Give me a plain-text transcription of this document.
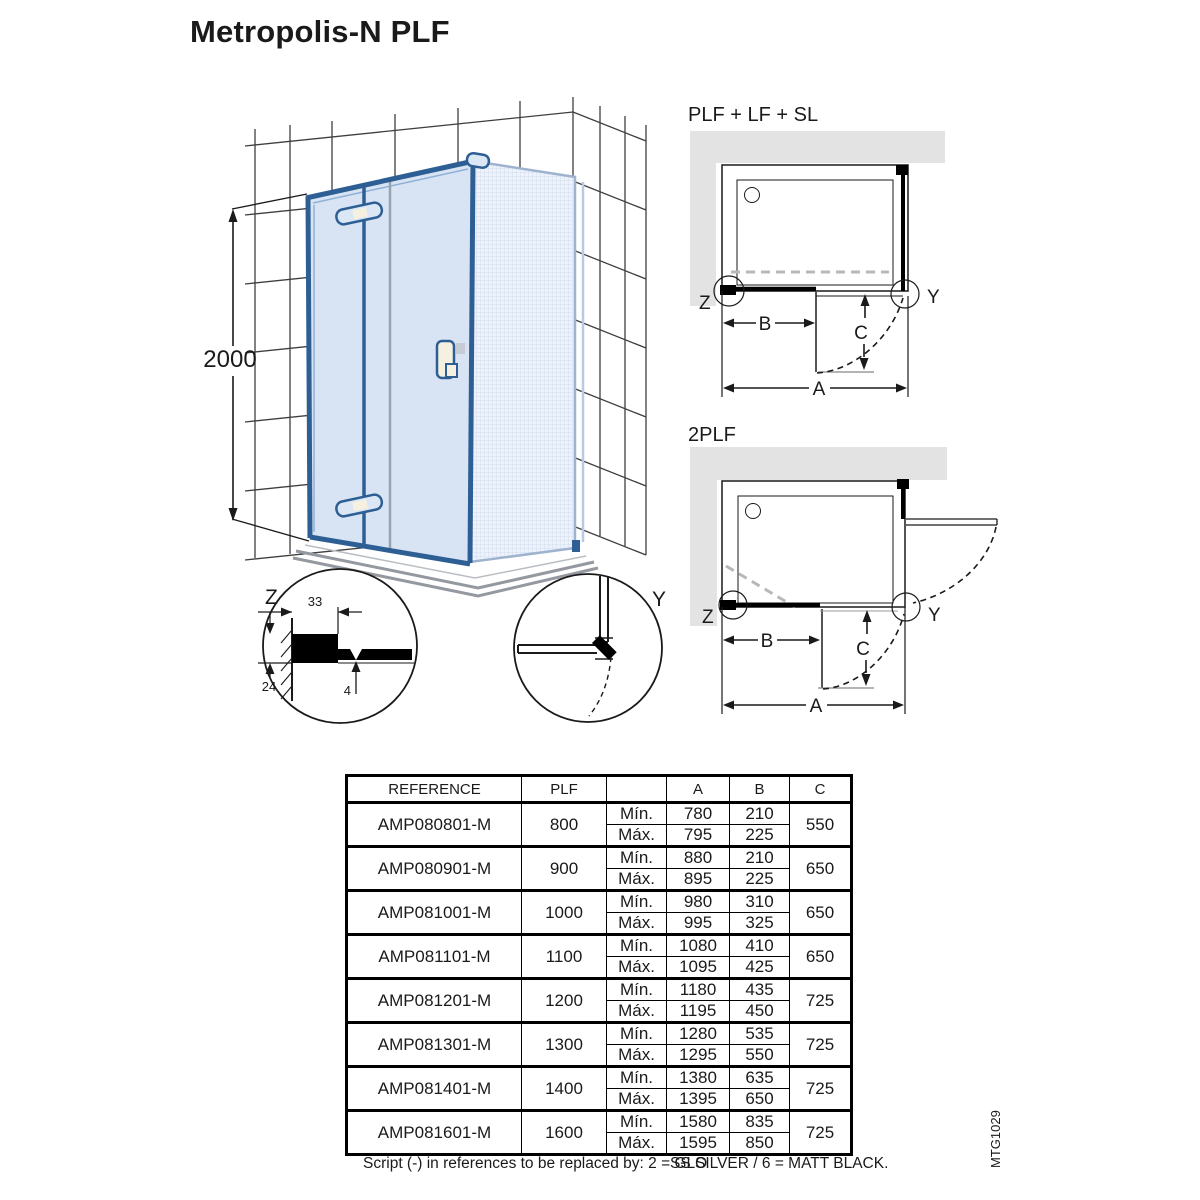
Metropolis-N PLF
2000
Z
4
33
24
Y
PLF + LF + SL
C
B
A
Z	Y
2PLF
C
B
A
Z	Y
REFERENCE	PLF		A	B	C
AMP080801-M	800	Mín.	780	210	550
		Máx.	795	225	
AMP080901-M	900	Mín.	880	210	650
		Máx.	895	225	
AMP081001-M	1000	Mín.	980	310	650
		Máx.	995	325	
AMP081101-M	1100	Mín.	1080	410	650
		Máx.	1095	425	
AMP081201-M	1200	Mín.	1180	435	725
		Máx.	1195	450	
AMP081301-M	1300	Mín.	1280	535	725
		Máx.	1295	550	
AMP081401-M	1400	Mín.	1380	635	725
		Máx.	1395	650	
AMP081601-M	1600	Mín.	1580	835	725
		Máx.	1595	850	
Script (-) in references to be replaced by: 2 = GLO
SS SILVER / 6 = MATT BLACK.	MTG1029
